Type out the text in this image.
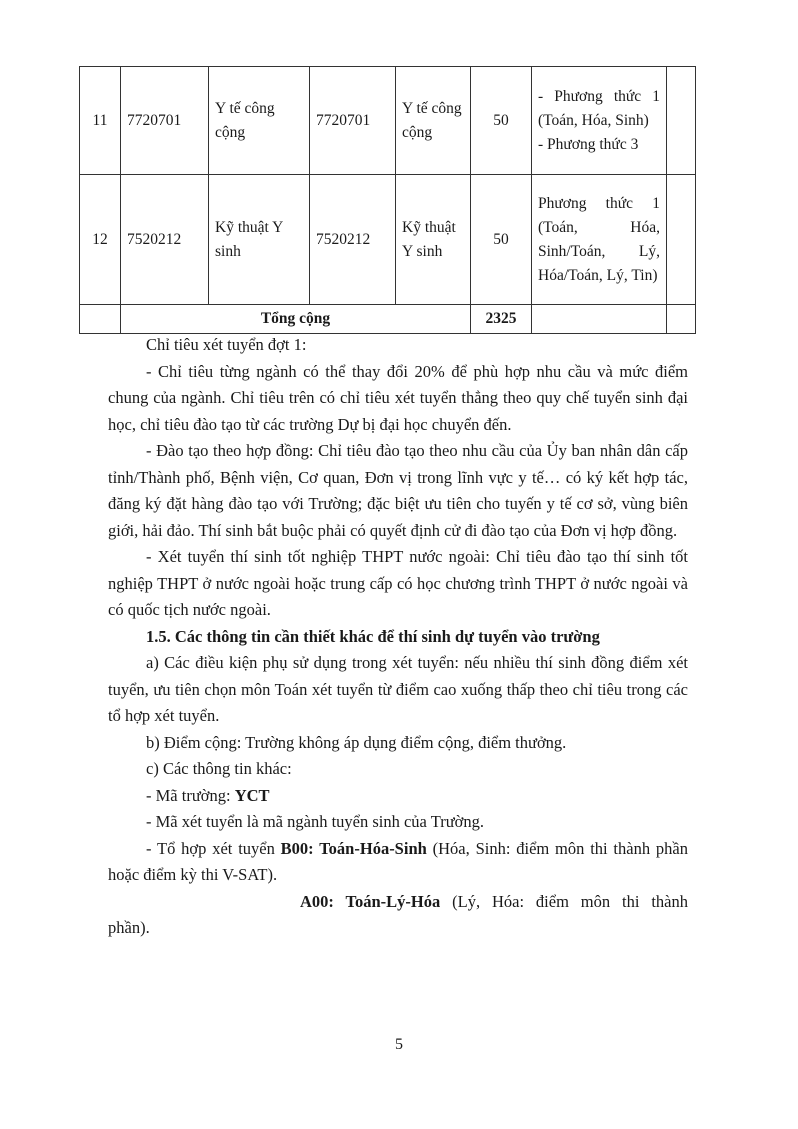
11	7720701	Y tế công cộng	7720701	Y tế công cộng	50	- Phương thức 1 (Toán, Hóa, Sinh)
- Phương thức 3	

12	7520212	Kỹ thuật Y sinh	7520212	Kỹ thuật Y sinh	50	Phương thức 1 (Toán, Hóa, Sinh/Toán, Lý, Hóa/Toán, Lý, Tin)	

	Tổng cộng				2325		

Chỉ tiêu xét tuyển đợt 1:

- Chỉ tiêu từng ngành có thể thay đổi 20% để phù hợp nhu cầu và mức điểm chung của ngành. Chỉ tiêu trên có chỉ tiêu xét tuyển thẳng theo quy chế tuyển sinh đại học, chỉ tiêu đào tạo từ các trường Dự bị đại học chuyển đến.

- Đào tạo theo hợp đồng: Chỉ tiêu đào tạo theo nhu cầu của Ủy ban nhân dân cấp tỉnh/Thành phố, Bệnh viện, Cơ quan, Đơn vị trong lĩnh vực y tế… có ký kết hợp tác, đăng ký đặt hàng đào tạo với Trường; đặc biệt ưu tiên cho tuyến y tế cơ sở, vùng biên giới, hải đảo. Thí sinh bắt buộc phải có quyết định cử đi đào tạo của Đơn vị hợp đồng.

- Xét tuyển thí sinh tốt nghiệp THPT nước ngoài: Chỉ tiêu đào tạo thí sinh tốt nghiệp THPT ở nước ngoài hoặc trung cấp có học chương trình THPT ở nước ngoài và có quốc tịch nước ngoài.

1.5. Các thông tin cần thiết khác để thí sinh dự tuyển vào trường

a) Các điều kiện phụ sử dụng trong xét tuyển: nếu nhiều thí sinh đồng điểm xét tuyển, ưu tiên chọn môn Toán xét tuyển từ điểm cao xuống thấp theo chỉ tiêu trong các tổ hợp xét tuyển.

b) Điểm cộng: Trường không áp dụng điểm cộng, điểm thưởng.

c) Các thông tin khác:

- Mã trường: YCT

- Mã xét tuyển là mã ngành tuyển sinh của Trường.

- Tổ hợp xét tuyển B00: Toán-Hóa-Sinh (Hóa, Sinh: điểm môn thi thành phần hoặc điểm kỳ thi V-SAT).

A00: Toán-Lý-Hóa (Lý, Hóa: điểm môn thi thành

phần).

5
